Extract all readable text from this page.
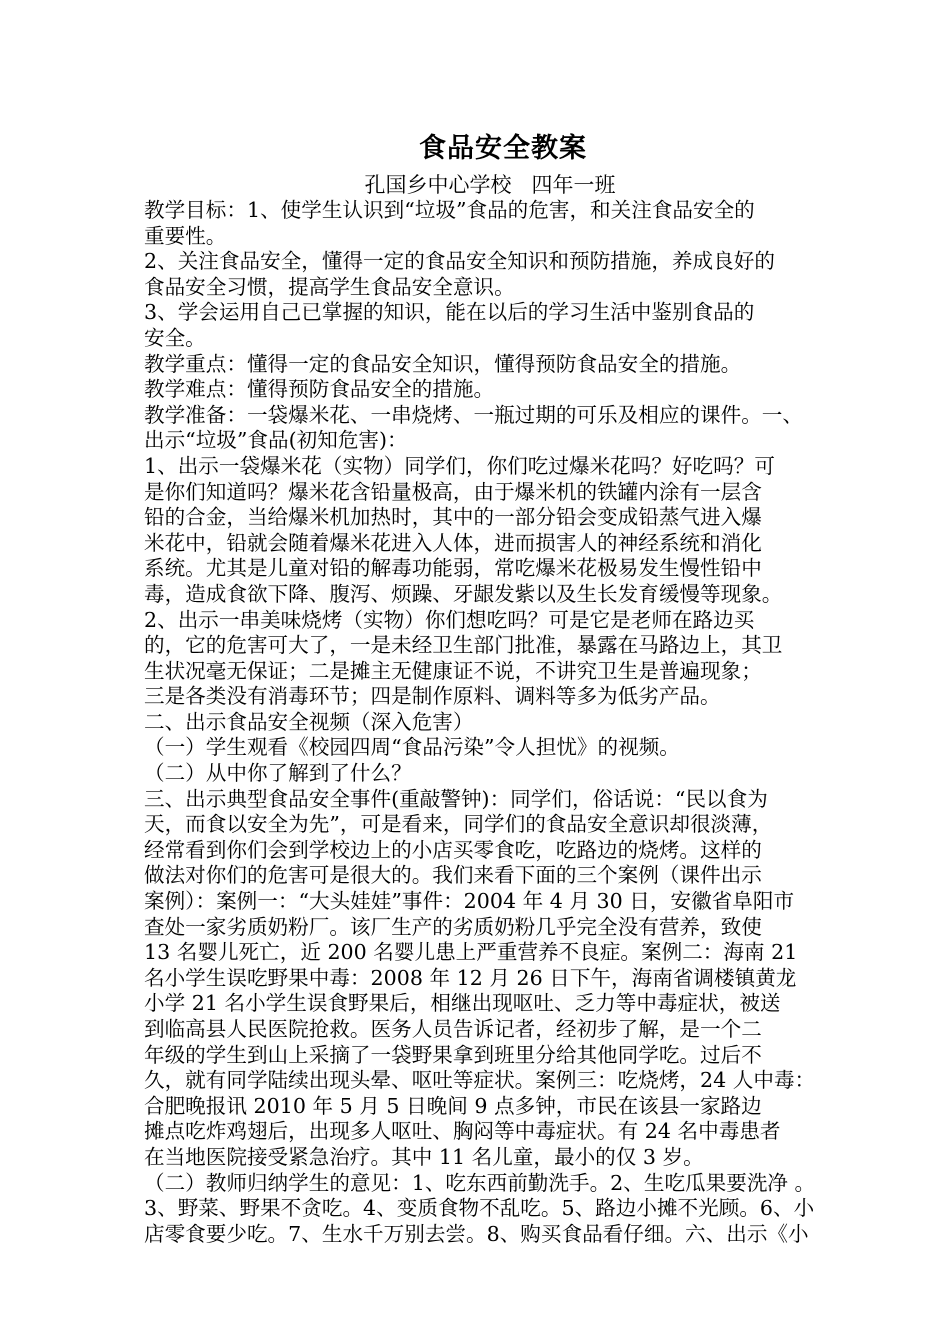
食品安全教案
孔国乡中心学校   四年一班
教学目标：1、使学生认识到“垃圾”食品的危害，和关注食品安全的
重要性。
2、关注食品安全，懂得一定的食品安全知识和预防措施，养成良好的
食品安全习惯，提高学生食品安全意识。
3、学会运用自己已掌握的知识，能在以后的学习生活中鉴别食品的
安全。
教学重点：懂得一定的食品安全知识，懂得预防食品安全的措施。
教学难点：懂得预防食品安全的措施。
教学准备：一袋爆米花、一串烧烤、一瓶过期的可乐及相应的课件。一、
出示“垃圾”食品(初知危害)：
1、出示一袋爆米花（实物）同学们，你们吃过爆米花吗？好吃吗？可
是你们知道吗？爆米花含铅量极高，由于爆米机的铁罐内涂有一层含
铅的合金，当给爆米机加热时，其中的一部分铅会变成铅蒸气进入爆
米花中，铅就会随着爆米花进入人体，进而损害人的神经系统和消化
系统。尤其是儿童对铅的解毒功能弱，常吃爆米花极易发生慢性铅中
毒，造成食欲下降、腹泻、烦躁、牙龈发紫以及生长发育缓慢等现象。
2、出示一串美味烧烤（实物）你们想吃吗？可是它是老师在路边买
的，它的危害可大了，一是未经卫生部门批准，暴露在马路边上，其卫
生状况毫无保证；二是摊主无健康证不说，不讲究卫生是普遍现象；
三是各类没有消毒环节；四是制作原料、调料等多为低劣产品。
二、出示食品安全视频（深入危害）
（一）学生观看《校园四周“食品污染”令人担忧》的视频。
（二）从中你了解到了什么？
三、出示典型食品安全事件(重敲警钟)：同学们，俗话说：“民以食为
天，而食以安全为先”，可是看来，同学们的食品安全意识却很淡薄，
经常看到你们会到学校边上的小店买零食吃，吃路边的烧烤。这样的
做法对你们的危害可是很大的。我们来看下面的三个案例（课件出示
案例）：案例一：“大头娃娃”事件：2004 年 4 月 30 日，安徽省阜阳市
查处一家劣质奶粉厂。该厂生产的劣质奶粉几乎完全没有营养，致使
13 名婴儿死亡，近 200 名婴儿患上严重营养不良症。案例二：海南 21
名小学生误吃野果中毒：2008 年 12 月 26 日下午，海南省调楼镇黄龙
小学 21 名小学生误食野果后，相继出现呕吐、乏力等中毒症状，被送
到临高县人民医院抢救。医务人员告诉记者，经初步了解，是一个二
年级的学生到山上采摘了一袋野果拿到班里分给其他同学吃。过后不
久，就有同学陆续出现头晕、呕吐等症状。案例三：吃烧烤，24 人中毒：
合肥晚报讯 2010 年 5 月 5 日晚间 9 点多钟，市民在该县一家路边
摊点吃炸鸡翅后，出现多人呕吐、胸闷等中毒症状。有 24 名中毒患者
在当地医院接受紧急治疗。其中 11 名儿童，最小的仅 3 岁。
（二）教师归纳学生的意见：1、吃东西前勤洗手。2、生吃瓜果要洗净 。
3、野菜、野果不贪吃。4、变质食物不乱吃。5、路边小摊不光顾。6、小
店零食要少吃。7、生水千万别去尝。8、购买食品看仔细。六、出示《小
